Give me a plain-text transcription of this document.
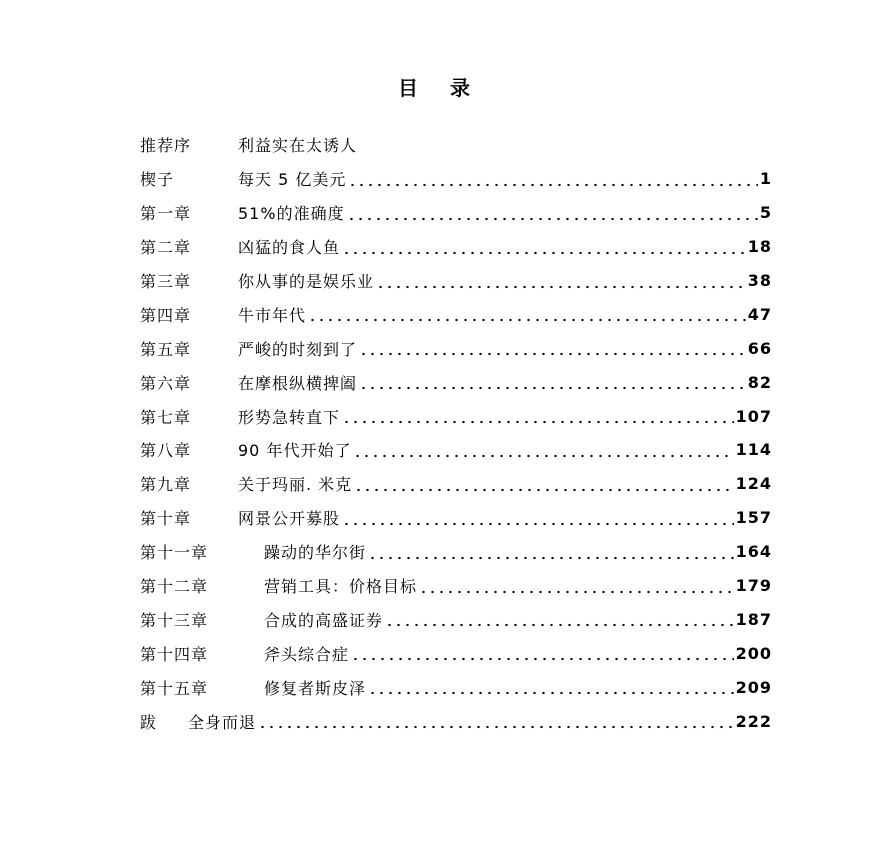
目 录
推荐序	利益实在太诱人
楔子	每天 5 亿美元	1
第一章	51%的准确度	5
第二章	凶猛的食人鱼	18
第三章	你从事的是娱乐业	38
第四章	牛市年代	47
第五章	严峻的时刻到了	66
第六章	在摩根纵横捭阖	82
第七章	形势急转直下	107
第八章	90 年代开始了	114
第九章	关于玛丽. 米克	124
第十章	网景公开募股	157
第十一章	躁动的华尔街	164
第十二章	营销工具：价格目标	179
第十三章	合成的高盛证券	187
第十四章	斧头综合症	200
第十五章	修复者斯皮泽	209
跋	全身而退	222
